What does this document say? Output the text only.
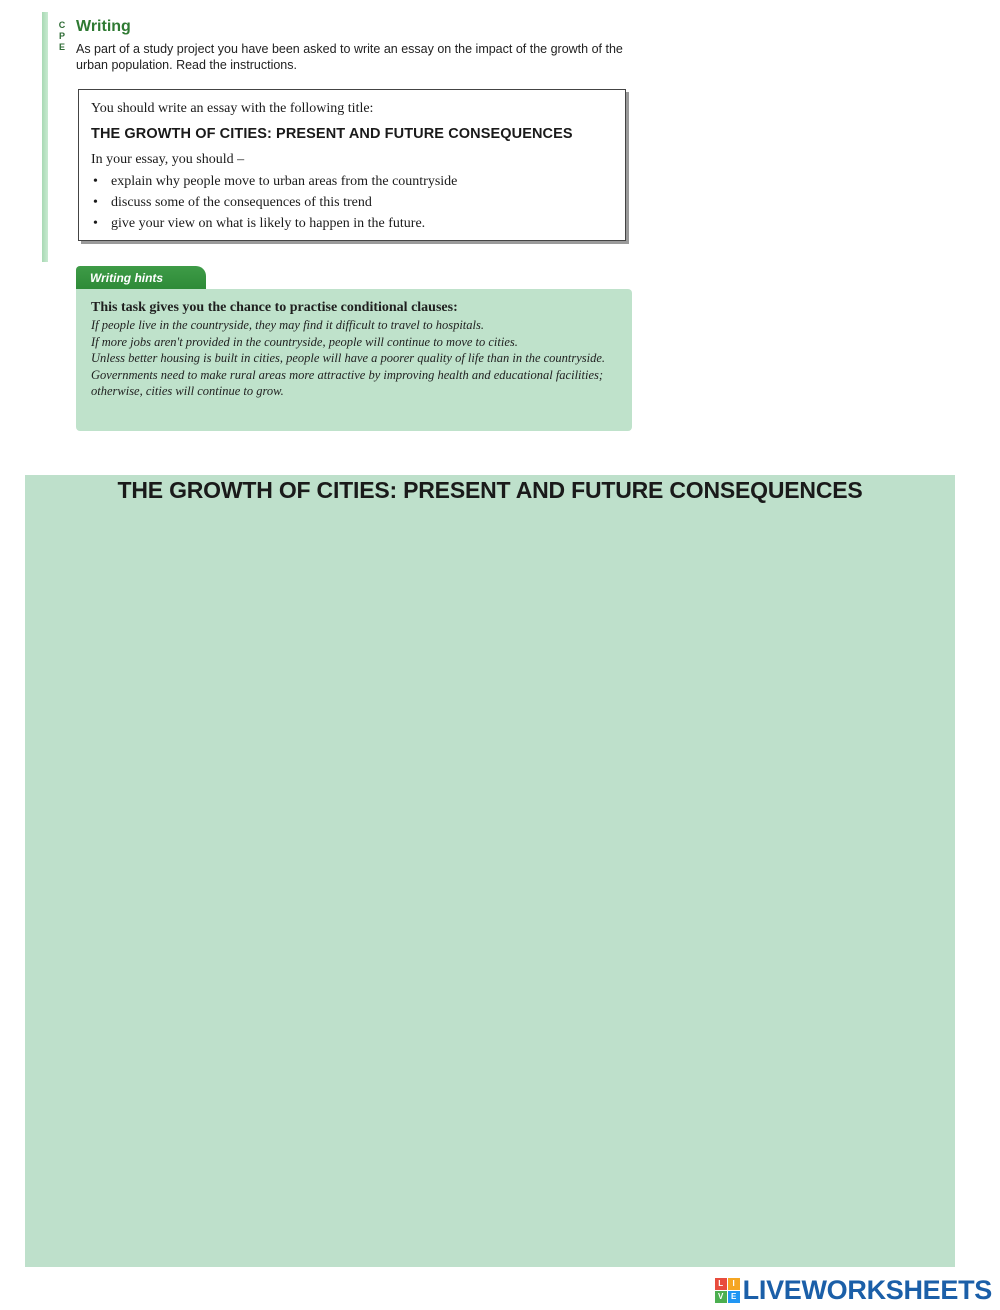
C
P
E
Writing

As part of a study project you have been asked to write an essay on the impact of the growth of the urban population. Read the instructions.

You should write an essay with the following title:

THE GROWTH OF CITIES: PRESENT AND FUTURE CONSEQUENCES

In your essay, you should –

• explain why people move to urban areas from the countryside
• discuss some of the consequences of this trend
• give your view on what is likely to happen in the future.
Writing hints

This task gives you the chance to practise conditional clauses:

If people live in the countryside, they may find it difficult to travel to hospitals.
If more jobs aren't provided in the countryside, people will continue to move to cities.
Unless better housing is built in cities, people will have a poorer quality of life than in the countryside.
Governments need to make rural areas more attractive by improving health and educational facilities; otherwise, cities will continue to grow.
THE GROWTH OF CITIES: PRESENT AND FUTURE CONSEQUENCES
L	I
V E LIVEWORKSHEETS
